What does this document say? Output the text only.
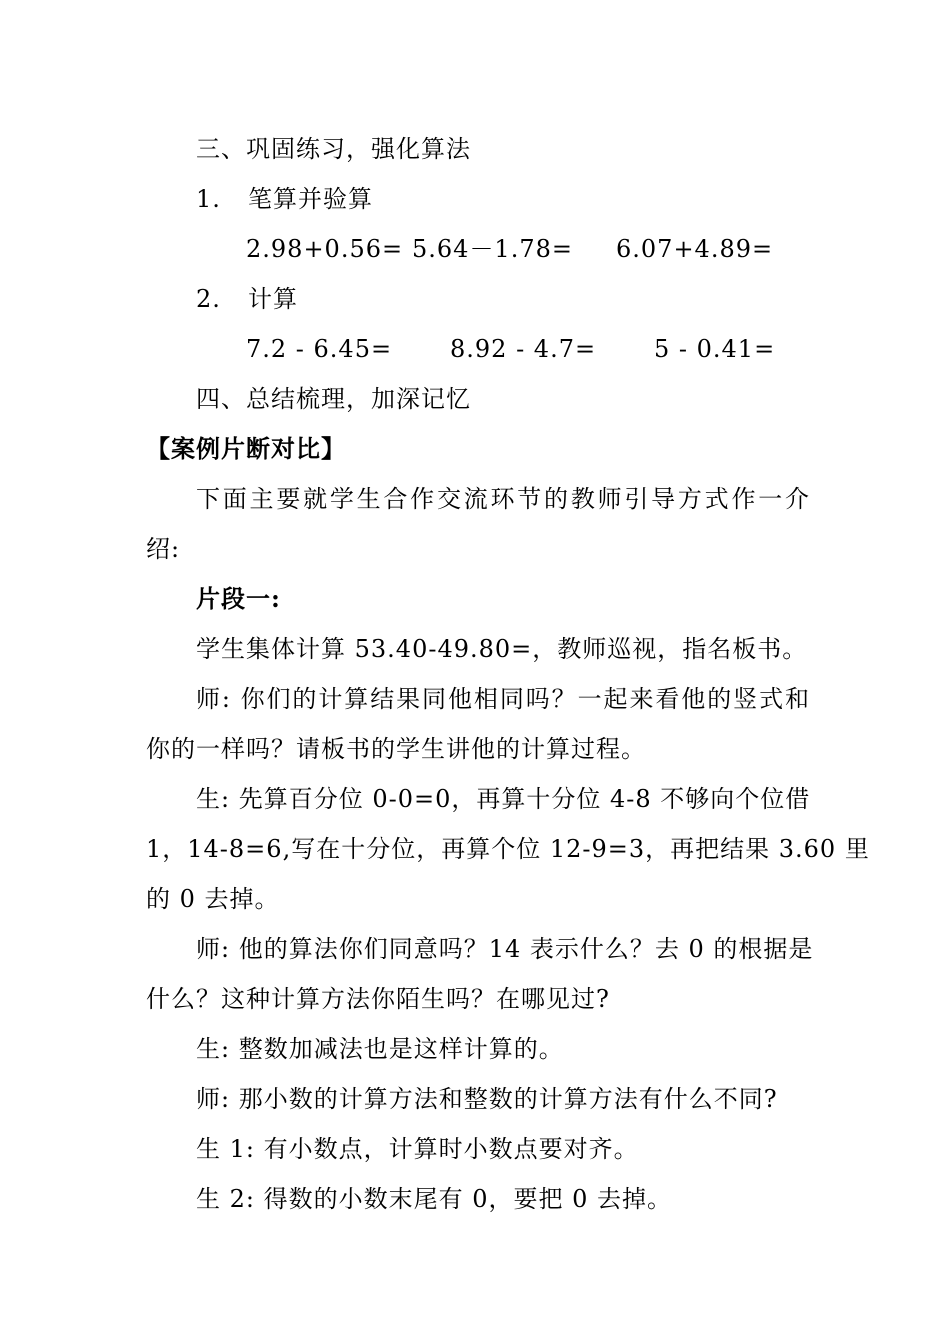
三、巩固练习，强化算法
1. 笔算并验算
2.98+0.56= 5.64－1.78= 6.07+4.89=
2. 计算
7.2 - 6.45= 8.92 - 4.7= 5 - 0.41=
四、总结梳理，加深记忆
【案例片断对比】
下面主要就学生合作交流环节的教师引导方式作一介
绍:
片段一:
学生集体计算 53.40-49.80=，教师巡视，指名板书。
师: 你们的计算结果同他相同吗？一起来看他的竖式和
你的一样吗？请板书的学生讲他的计算过程。
生: 先算百分位 0-0=0，再算十分位 4-8 不够向个位借
1，14-8=6,写在十分位，再算个位 12-9=3，再把结果 3.60 里
的 0 去掉。
师: 他的算法你们同意吗？14 表示什么？去 0 的根据是
什么？这种计算方法你陌生吗？在哪见过?
生: 整数加减法也是这样计算的。
师: 那小数的计算方法和整数的计算方法有什么不同?
生 1: 有小数点，计算时小数点要对齐。
生 2: 得数的小数末尾有 0，要把 0 去掉。
